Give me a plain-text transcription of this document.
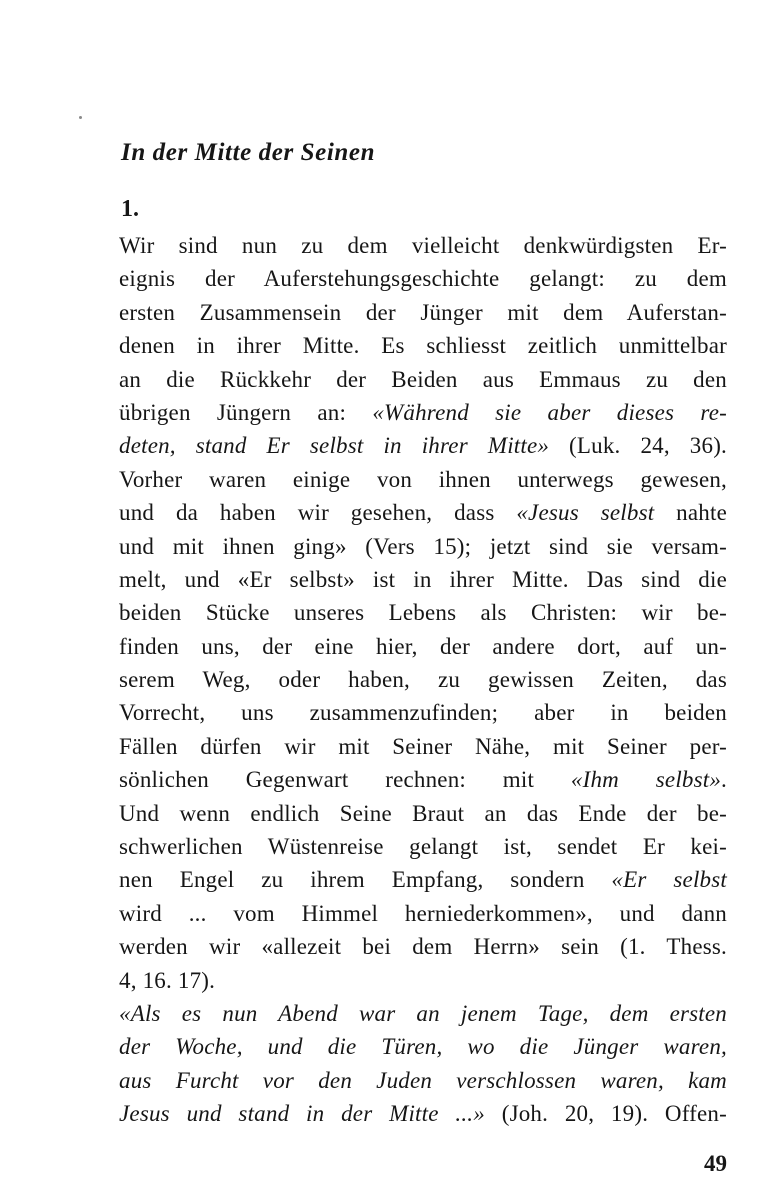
In der Mitte der Seinen
1.
Wir sind nun zu dem vielleicht denkwürdigsten Er-
eignis der Auferstehungsgeschichte gelangt: zu dem
ersten Zusammensein der Jünger mit dem Auferstan-
denen in ihrer Mitte. Es schliesst zeitlich unmittelbar
an die Rückkehr der Beiden aus Emmaus zu den
übrigen Jüngern an: «Während sie aber dieses re-
deten, stand Er selbst in ihrer Mitte» (Luk. 24, 36).
Vorher waren einige von ihnen unterwegs gewesen,
und da haben wir gesehen, dass «Jesus selbst nahte
und mit ihnen ging» (Vers 15); jetzt sind sie versam-
melt, und «Er selbst» ist in ihrer Mitte. Das sind die
beiden Stücke unseres Lebens als Christen: wir be-
finden uns, der eine hier, der andere dort, auf un-
serem Weg, oder haben, zu gewissen Zeiten, das
Vorrecht, uns zusammenzufinden; aber in beiden
Fällen dürfen wir mit Seiner Nähe, mit Seiner per-
sönlichen Gegenwart rechnen: mit «Ihm selbst».
Und wenn endlich Seine Braut an das Ende der be-
schwerlichen Wüstenreise gelangt ist, sendet Er kei-
nen Engel zu ihrem Empfang, sondern «Er selbst
wird ... vom Himmel herniederkommen», und dann
werden wir «allezeit bei dem Herrn» sein (1. Thess.
4, 16. 17).
«Als es nun Abend war an jenem Tage, dem ersten
der Woche, und die Türen, wo die Jünger waren,
aus Furcht vor den Juden verschlossen waren, kam
Jesus und stand in der Mitte ...» (Joh. 20, 19). Offen-
49
